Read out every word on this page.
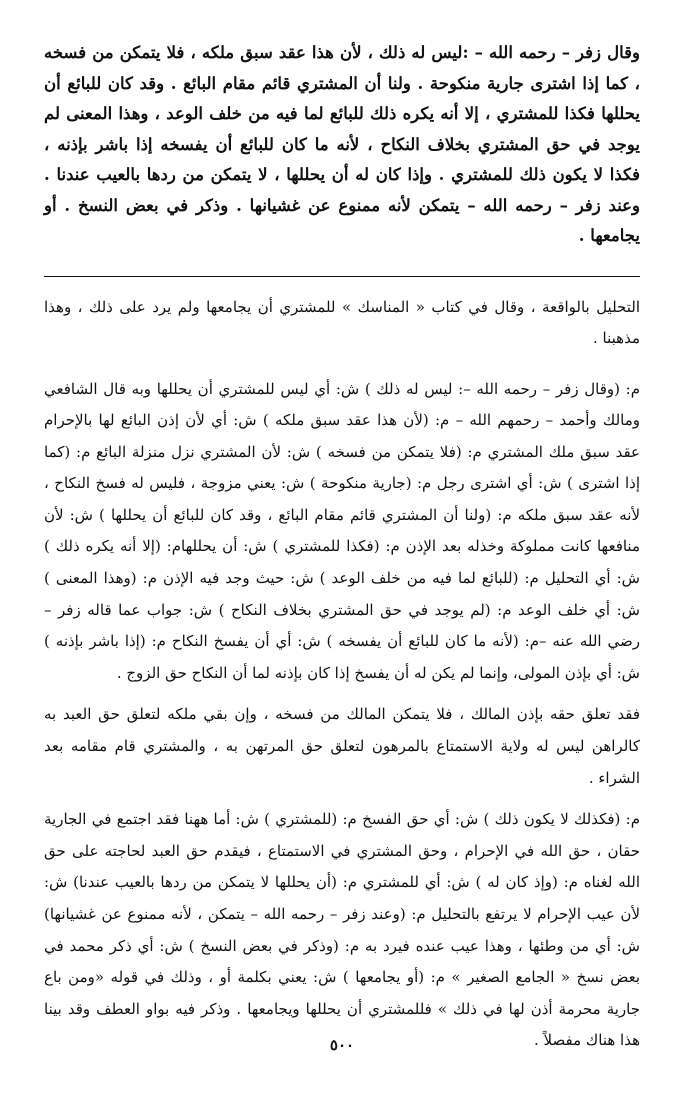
وقال زفر – رحمه الله – :ليس له ذلك ، لأن هذا عقد سبق ملكه ، فلا يتمكن من فسخه ، كما إذا اشترى جارية منكوحة . ولنا أن المشتري قائم مقام البائع . وقد كان للبائع أن يحللها فكذا للمشتري ، إلا أنه يكره ذلك للبائع لما فيه من خلف الوعد ، وهذا المعنى لم يوجد في حق المشتري بخلاف النكاح ، لأنه ما كان للبائع أن يفسخه إذا باشر بإذنه ، فكذا لا يكون ذلك للمشتري . وإذا كان له أن يحللها ، لا يتمكن من ردها بالعيب عندنا . وعند زفر – رحمه الله – يتمكن لأنه ممنوع عن غشيانها . وذكر في بعض النسخ . أو يجامعها .

التحليل بالواقعة ، وقال في كتاب « المناسك » للمشتري أن يجامعها ولم يرد على ذلك ، وهذا مذهبنا .

م: (وقال زفر – رحمه الله –: ليس له ذلك ) ش: أي ليس للمشتري أن يحللها وبه قال الشافعي ومالك وأحمد – رحمهم الله – م: (لأن هذا عقد سبق ملكه ) ش: أي لأن إذن البائع لها بالإحرام عقد سبق ملك المشتري م: (فلا يتمكن من فسخه ) ش: لأن المشتري نزل منزلة البائع م: (كما إذا اشترى ) ش: أي اشترى رجل م: (جارية منكوحة ) ش: يعني مزوجة ، فليس له فسخ النكاح ، لأنه عقد سبق ملكه م: (ولنا أن المشتري قائم مقام البائع ، وقد كان للبائع أن يحللها ) ش: لأن منافعها كانت مملوكة وخذله بعد الإذن م: (فكذا للمشتري ) ش: أن يحللهام: (إلا أنه يكره ذلك ) ش: أي التحليل م: (للبائع لما فيه من خلف الوعد ) ش: حيث وجد فيه الإذن م: (وهذا المعنى ) ش: أي خلف الوعد م: (لم يوجد في حق المشتري بخلاف النكاح ) ش: جواب عما قاله زفر – رضي الله عنه –م: (لأنه ما كان للبائع أن يفسخه ) ش: أي أن يفسخ النكاح م: (إذا باشر بإذنه ) ش: أي بإذن المولى، وإنما لم يكن له أن يفسخ إذا كان بإذنه لما أن النكاح حق الزوج .

فقد تعلق حقه بإذن المالك ، فلا يتمكن المالك من فسخه ، وإن بقي ملكه لتعلق حق العبد به كالراهن ليس له ولاية الاستمتاع بالمرهون لتعلق حق المرتهن به ، والمشتري قام مقامه بعد الشراء .

م: (فكذلك لا يكون ذلك ) ش: أي حق الفسخ م: (للمشتري ) ش: أما ههنا فقد اجتمع في الجارية حقان ، حق الله في الإحرام ، وحق المشتري في الاستمتاع ، فيقدم حق العبد لحاجته على حق الله لغناه م: (وإذ كان له ) ش: أي للمشتري م: (أن يحللها لا يتمكن من ردها بالعيب عندنا) ش: لأن عيب الإحرام لا يرتفع بالتحليل م: (وعند زفر – رحمه الله – يتمكن ، لأنه ممنوع عن غشيانها) ش: أي من وطئها ، وهذا عيب عنده فيرد به م: (وذكر في بعض النسخ ) ش: أي ذكر محمد في بعض نسخ « الجامع الصغير » م: (أو يجامعها ) ش: يعني بكلمة أو ، وذلك في قوله «ومن باع جارية محرمة أذن لها في ذلك » فللمشتري أن يحللها ويجامعها . وذكر فيه بواو العطف وقد بينا هذا هناك مفصلاً .

٥٠٠
